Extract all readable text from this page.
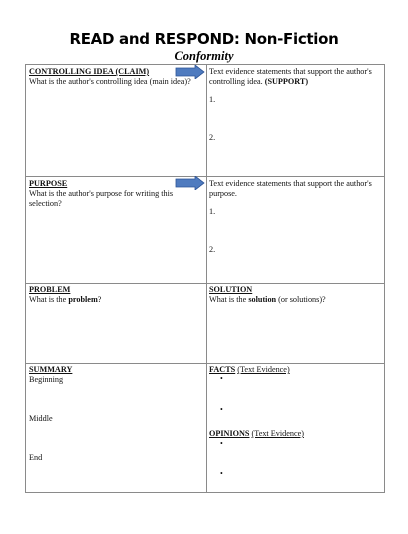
READ and RESPOND: Non-Fiction
Conformity
CONTROLLING IDEA (CLAIM)
What is the author's controlling idea (main idea)?
Text evidence statements that support the author's controlling idea. (SUPPORT)
1.
2.
PURPOSE
What is the author's purpose for writing this selection?
Text evidence statements that support the author's purpose.
1.
2.
PROBLEM
What is the problem?
SOLUTION
What is the solution (or solutions)?
SUMMARY
Beginning
Middle
End
FACTS (Text Evidence)
•
•
OPINIONS (Text Evidence)
•
•
